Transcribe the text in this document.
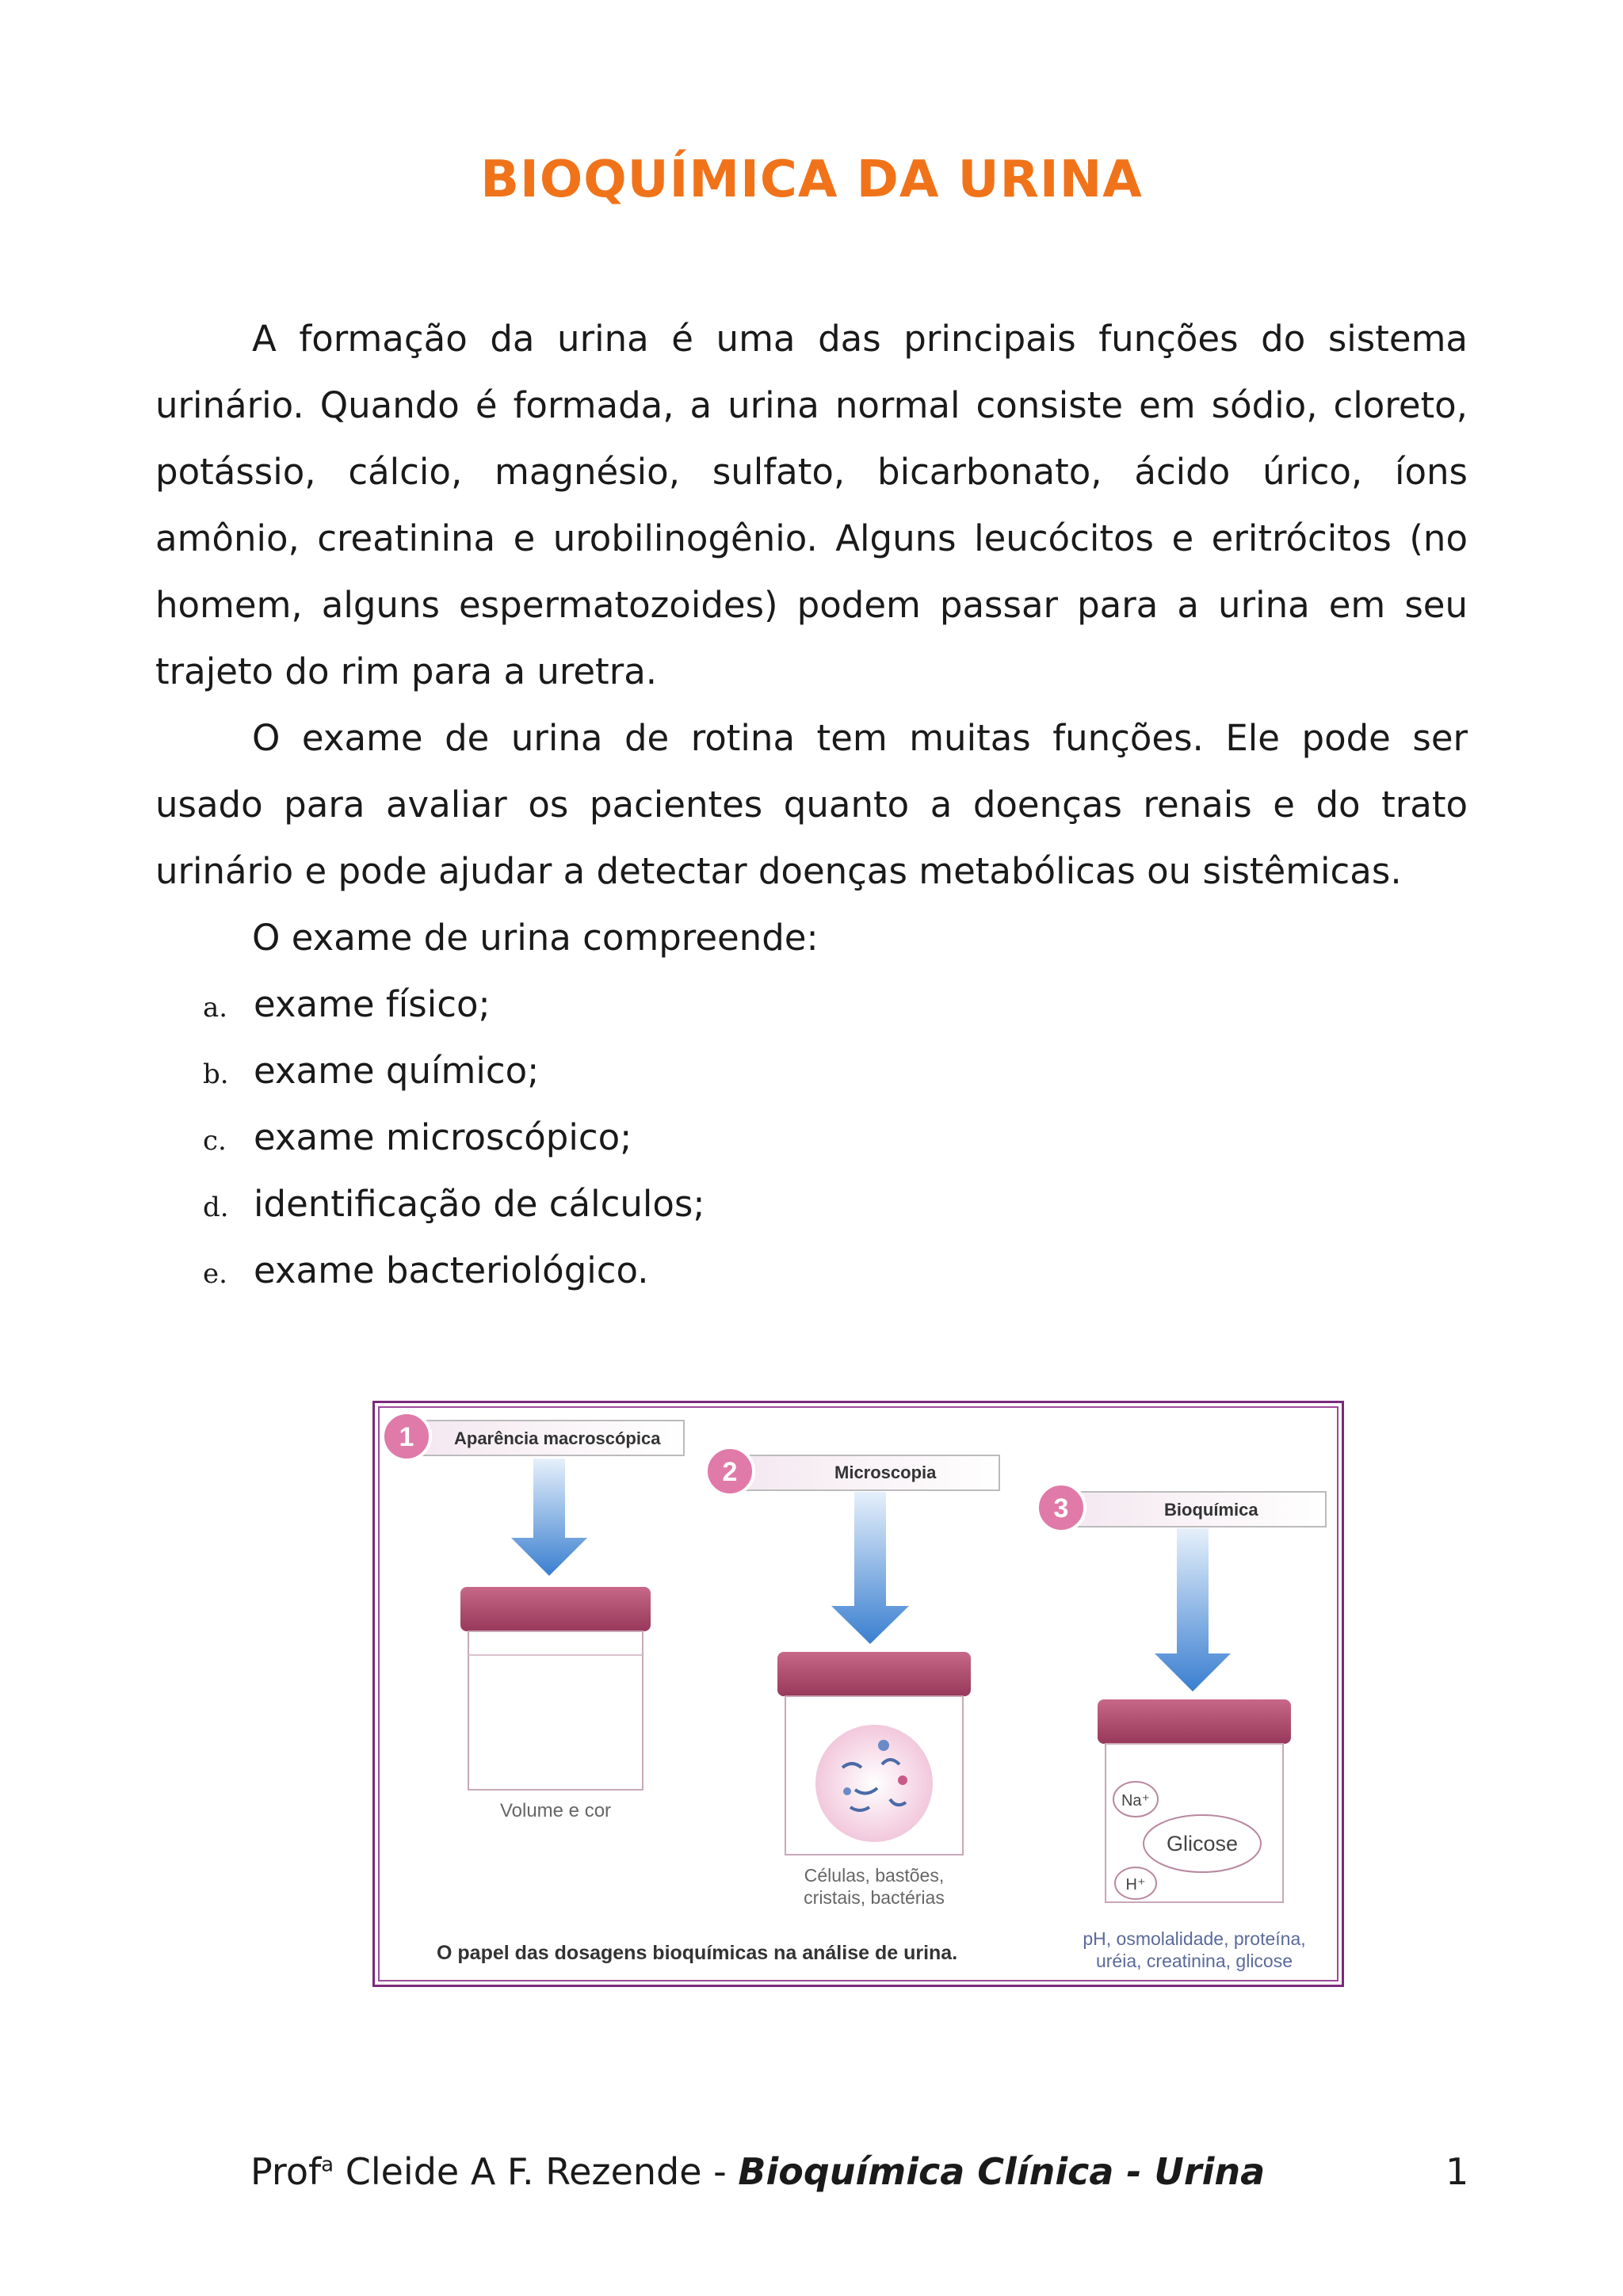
BIOQUÍMICA DA URINA

A formação da urina é uma das principais funções do sistema urinário. Quando é formada, a urina normal consiste em sódio, cloreto, potássio, cálcio, magnésio, sulfato, bicarbonato, ácido úrico, íons amônio, creatinina e urobilinogênio. Alguns leucócitos e eritrócitos (no homem, alguns espermatozoides) podem passar para a urina em seu trajeto do rim para a uretra.

O exame de urina de rotina tem muitas funções. Ele pode ser usado para avaliar os pacientes quanto a doenças renais e do trato urinário e pode ajudar a detectar doenças metabólicas ou sistêmicas.

O exame de urina compreende:

a. exame físico;
b. exame químico;
c. exame microscópico;
d. identificação de cálculos;
e. exame bacteriológico.
Aparência macroscópica
1
Volume e cor
Microscopia
2
Células, bastões,
cristais, bactérias
Bioquímica
3
Na⁺
Glicose
H⁺
pH, osmolalidade, proteína,
uréia, creatinina, glicose
O papel das dosagens bioquímicas na análise de urina.
Prof$^a$ Cleide A F. Rezende - Bioquímica Clínica - Urina	1
